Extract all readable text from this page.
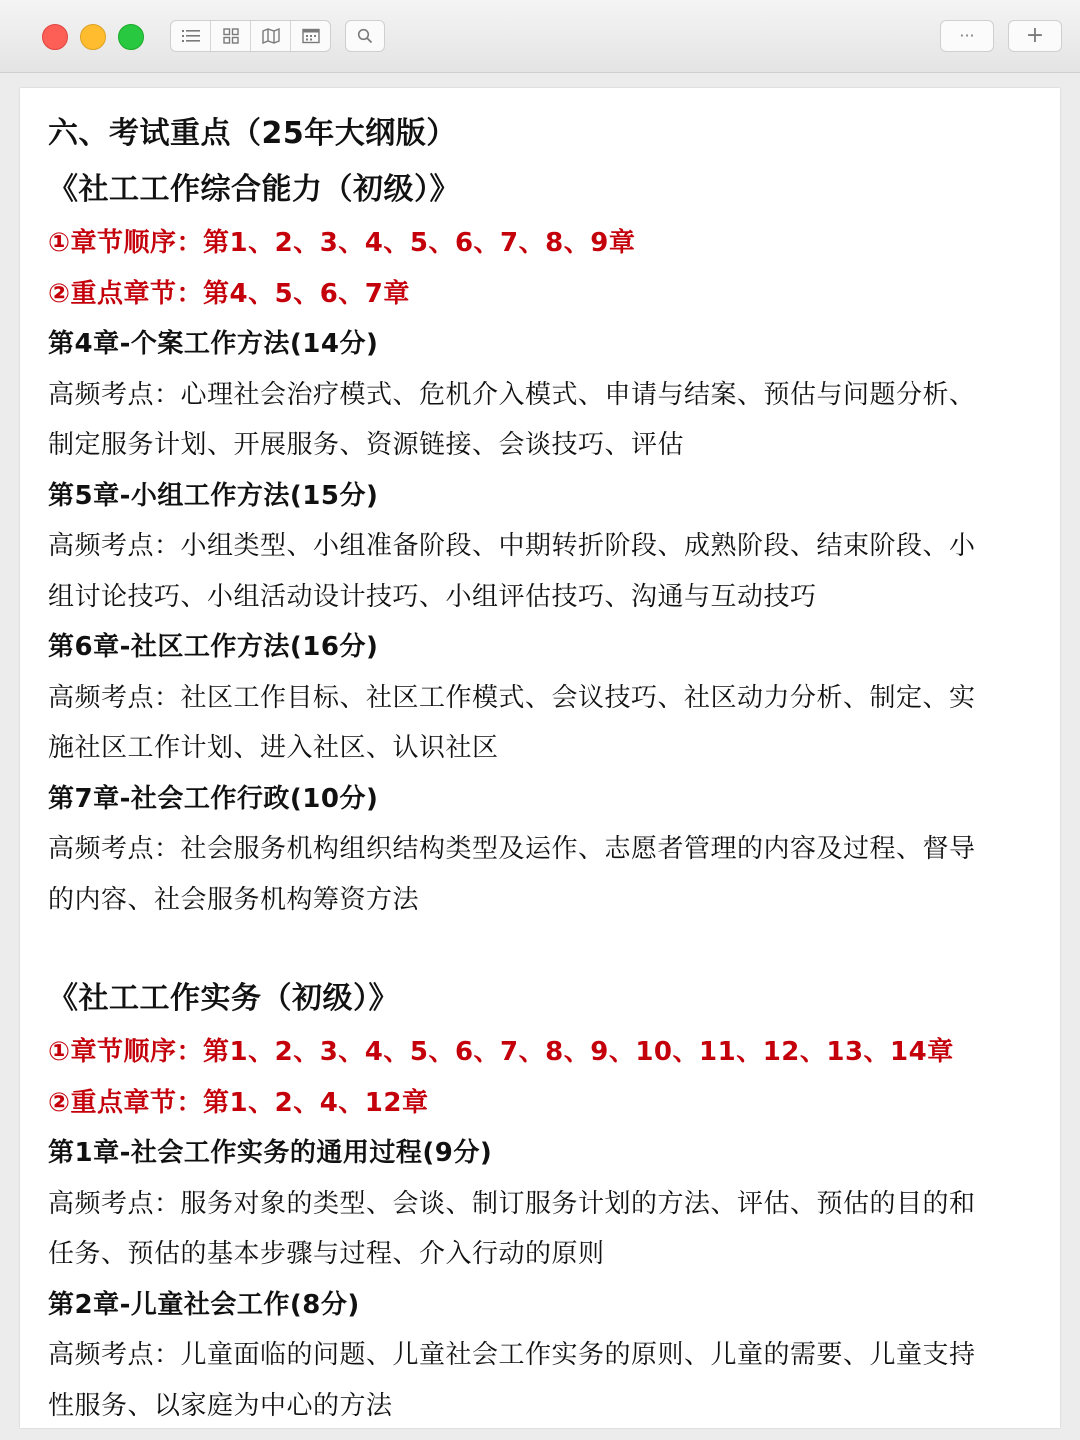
··· +
六、考试重点（25年大纲版）
《社工工作综合能力（初级）》
①章节顺序：第1、2、3、4、5、6、7、8、9章
②重点章节：第4、5、6、7章
第4章-个案工作方法(14分)
高频考点：心理社会治疗模式、危机介入模式、申请与结案、预估与问题分析、
制定服务计划、开展服务、资源链接、会谈技巧、评估
第5章-小组工作方法(15分)
高频考点：小组类型、小组准备阶段、中期转折阶段、成熟阶段、结束阶段、小
组讨论技巧、小组活动设计技巧、小组评估技巧、沟通与互动技巧
第6章-社区工作方法(16分)
高频考点：社区工作目标、社区工作模式、会议技巧、社区动力分析、制定、实
施社区工作计划、进入社区、认识社区
第7章-社会工作行政(10分)
高频考点：社会服务机构组织结构类型及运作、志愿者管理的内容及过程、督导
的内容、社会服务机构筹资方法
《社工工作实务（初级）》
①章节顺序：第1、2、3、4、5、6、7、8、9、10、11、12、13、14章
②重点章节：第1、2、4、12章
第1章-社会工作实务的通用过程(9分)
高频考点：服务对象的类型、会谈、制订服务计划的方法、评估、预估的目的和
任务、预估的基本步骤与过程、介入行动的原则
第2章-儿童社会工作(8分)
高频考点：儿童面临的问题、儿童社会工作实务的原则、儿童的需要、儿童支持
性服务、以家庭为中心的方法
